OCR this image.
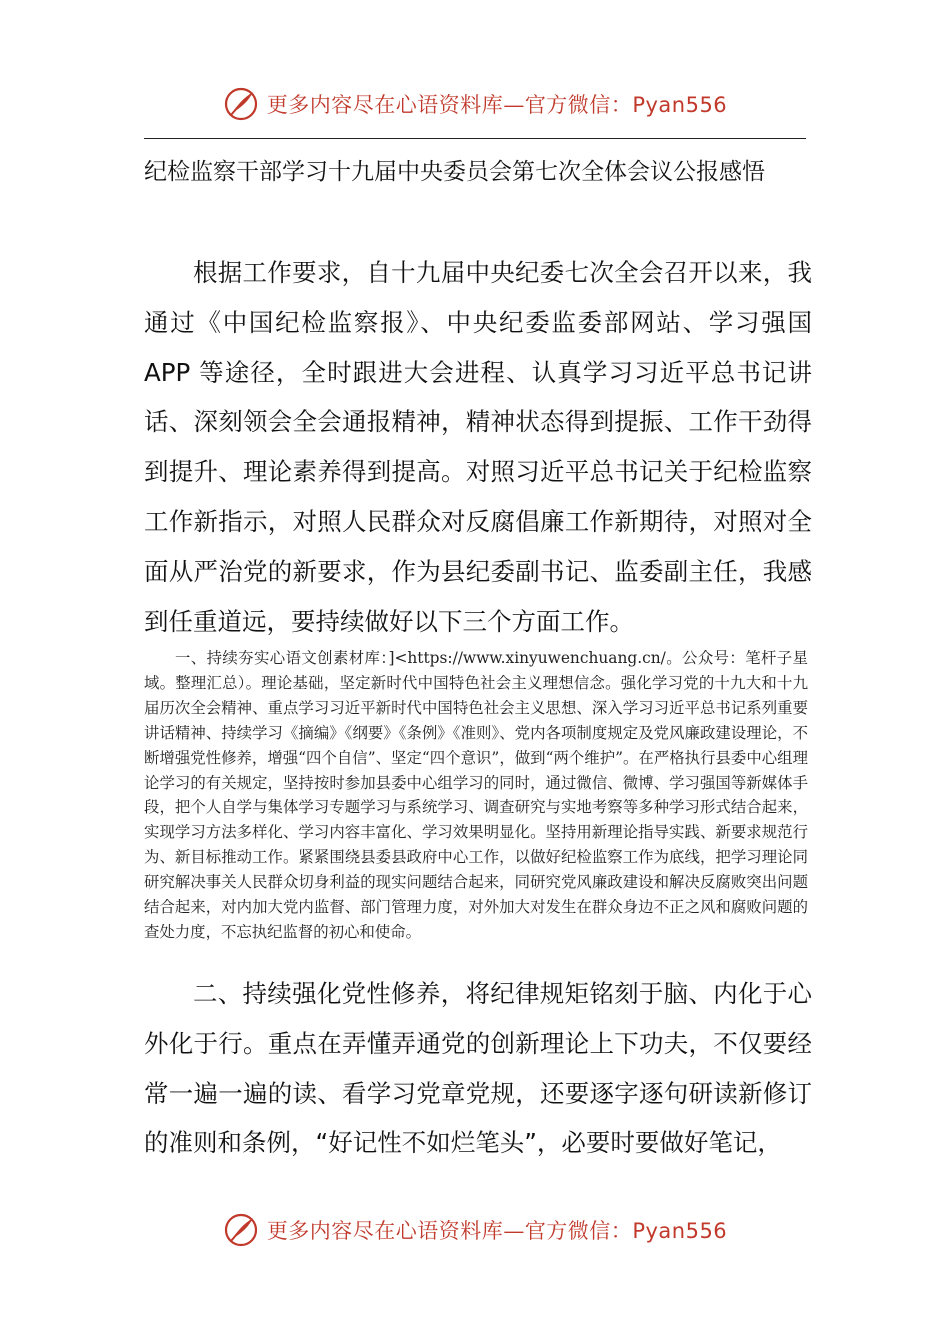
更多内容尽在心语资料库—官方微信：Pyan556
纪检监察干部学习十九届中央委员会第七次全体会议公报感悟

根据工作要求，自十九届中央纪委七次全会召开以来，我通过《中国纪检监察报》、中央纪委监委部网站、学习强国APP 等途径，全时跟进大会进程、认真学习习近平总书记讲话、深刻领会全会通报精神，精神状态得到提振、工作干劲得到提升、理论素养得到提高。对照习近平总书记关于纪检监察工作新指示，对照人民群众对反腐倡廉工作新期待，对照对全面从严治党的新要求，作为县纪委副书记、监委副主任，我感到任重道远，要持续做好以下三个方面工作。

一、持续夯实心语文创素材库：]<https://www.xinyuwenchuang.cn/。公众号：笔杆子星域。整理汇总）。理论基础，坚定新时代中国特色社会主义理想信念。强化学习党的十九大和十九届历次全会精神、重点学习习近平新时代中国特色社会主义思想、深入学习习近平总书记系列重要讲话精神、持续学习《摘编》《纲要》《条例》《准则》、党内各项制度规定及党风廉政建设理论，不断增强党性修养，增强“四个自信”、坚定“四个意识”，做到“两个维护”。在严格执行县委中心组理论学习的有关规定，坚持按时参加县委中心组学习的同时，通过微信、微博、学习强国等新媒体手段，把个人自学与集体学习专题学习与系统学习、调查研究与实地考察等多种学习形式结合起来，实现学习方法多样化、学习内容丰富化、学习效果明显化。坚持用新理论指导实践、新要求规范行为、新目标推动工作。紧紧围绕县委县政府中心工作，以做好纪检监察工作为底线，把学习理论同研究解决事关人民群众切身利益的现实问题结合起来，同研究党风廉政建设和解决反腐败突出问题结合起来，对内加大党内监督、部门管理力度，对外加大对发生在群众身边不正之风和腐败问题的查处力度，不忘执纪监督的初心和使命。

二、持续强化党性修养，将纪律规矩铭刻于脑、内化于心外化于行。重点在弄懂弄通党的创新理论上下功夫，不仅要经常一遍一遍的读、看学习党章党规，还要逐字逐句研读新修订的准则和条例，“好记性不如烂笔头”，必要时要做好笔记，

更多内容尽在心语资料库—官方微信：Pyan556
